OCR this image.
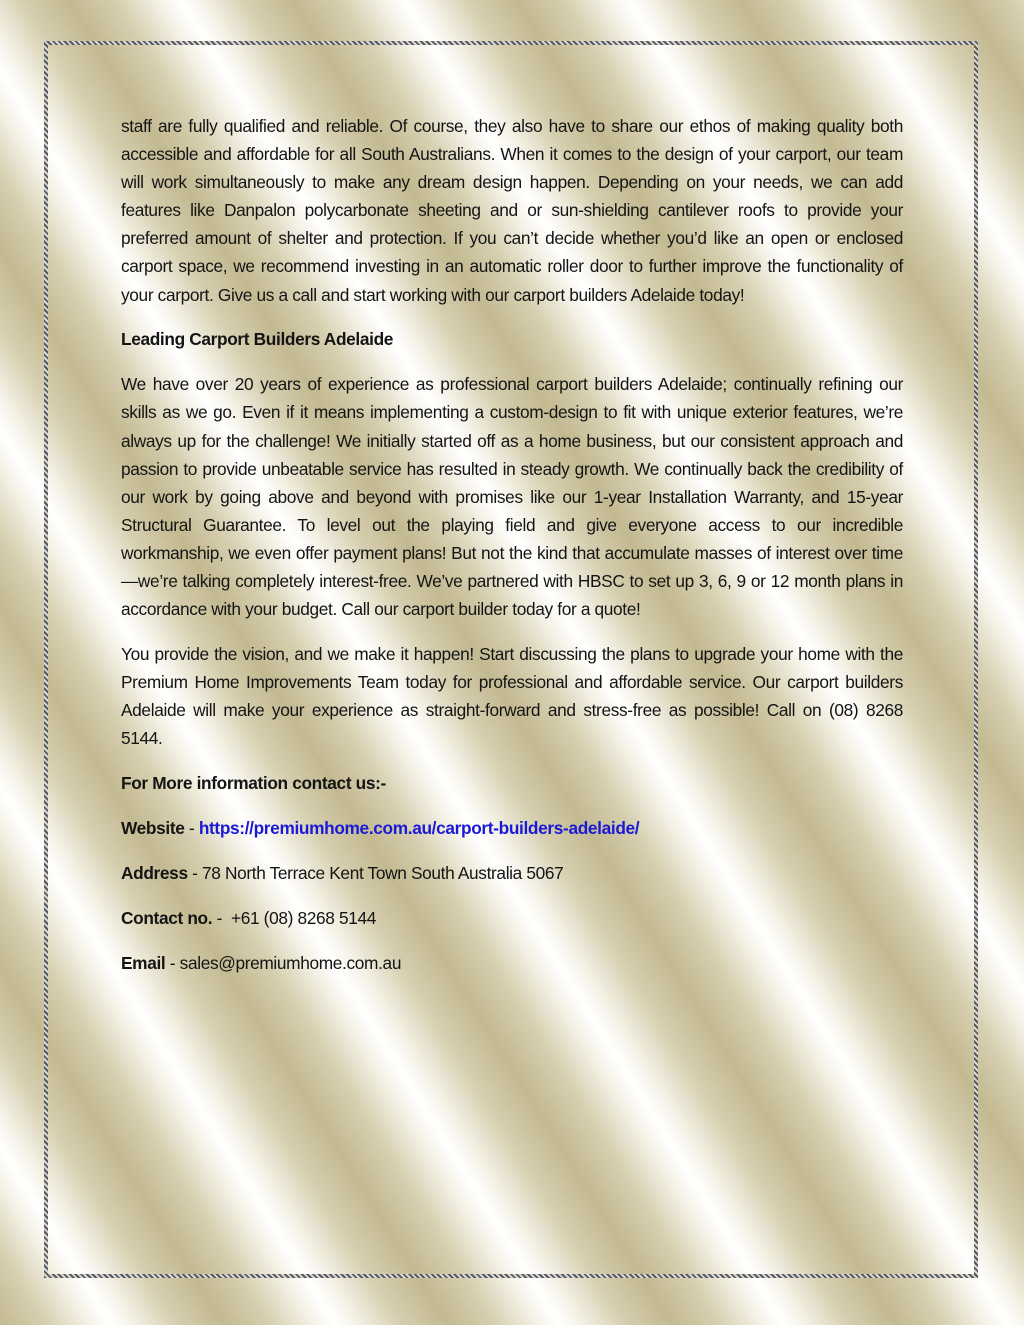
staff are fully qualified and reliable. Of course, they also have to share our ethos of making quality both accessible and affordable for all South Australians. When it comes to the design of your carport, our team will work simultaneously to make any dream design happen. Depending on your needs, we can add features like Danpalon polycarbonate sheeting and or sun-shielding cantilever roofs to provide your preferred amount of shelter and protection. If you can’t decide whether you’d like an open or enclosed carport space, we recommend investing in an automatic roller door to further improve the functionality of your carport. Give us a call and start working with our carport builders Adelaide today!

Leading Carport Builders Adelaide

We have over 20 years of experience as professional carport builders Adelaide; continually refining our skills as we go. Even if it means implementing a custom-design to fit with unique exterior features, we’re always up for the challenge! We initially started off as a home business, but our consistent approach and passion to provide unbeatable service has resulted in steady growth. We continually back the credibility of our work by going above and beyond with promises like our 1-year Installation Warranty, and 15-year Structural Guarantee. To level out the playing field and give everyone access to our incredible workmanship, we even offer payment plans! But not the kind that accumulate masses of interest over time—we’re talking completely interest-free. We’ve partnered with HBSC to set up 3, 6, 9 or 12 month plans in accordance with your budget. Call our carport builder today for a quote!

You provide the vision, and we make it happen! Start discussing the plans to upgrade your home with the Premium Home Improvements Team today for professional and affordable service. Our carport builders Adelaide will make your experience as straight-forward and stress-free as possible! Call on (08) 8268 5144.

For More information contact us:-

Website - https://premiumhome.com.au/carport-builders-adelaide/

Address - 78 North Terrace Kent Town South Australia 5067

Contact no. -  +61 (08) 8268 5144

Email - sales@premiumhome.com.au
